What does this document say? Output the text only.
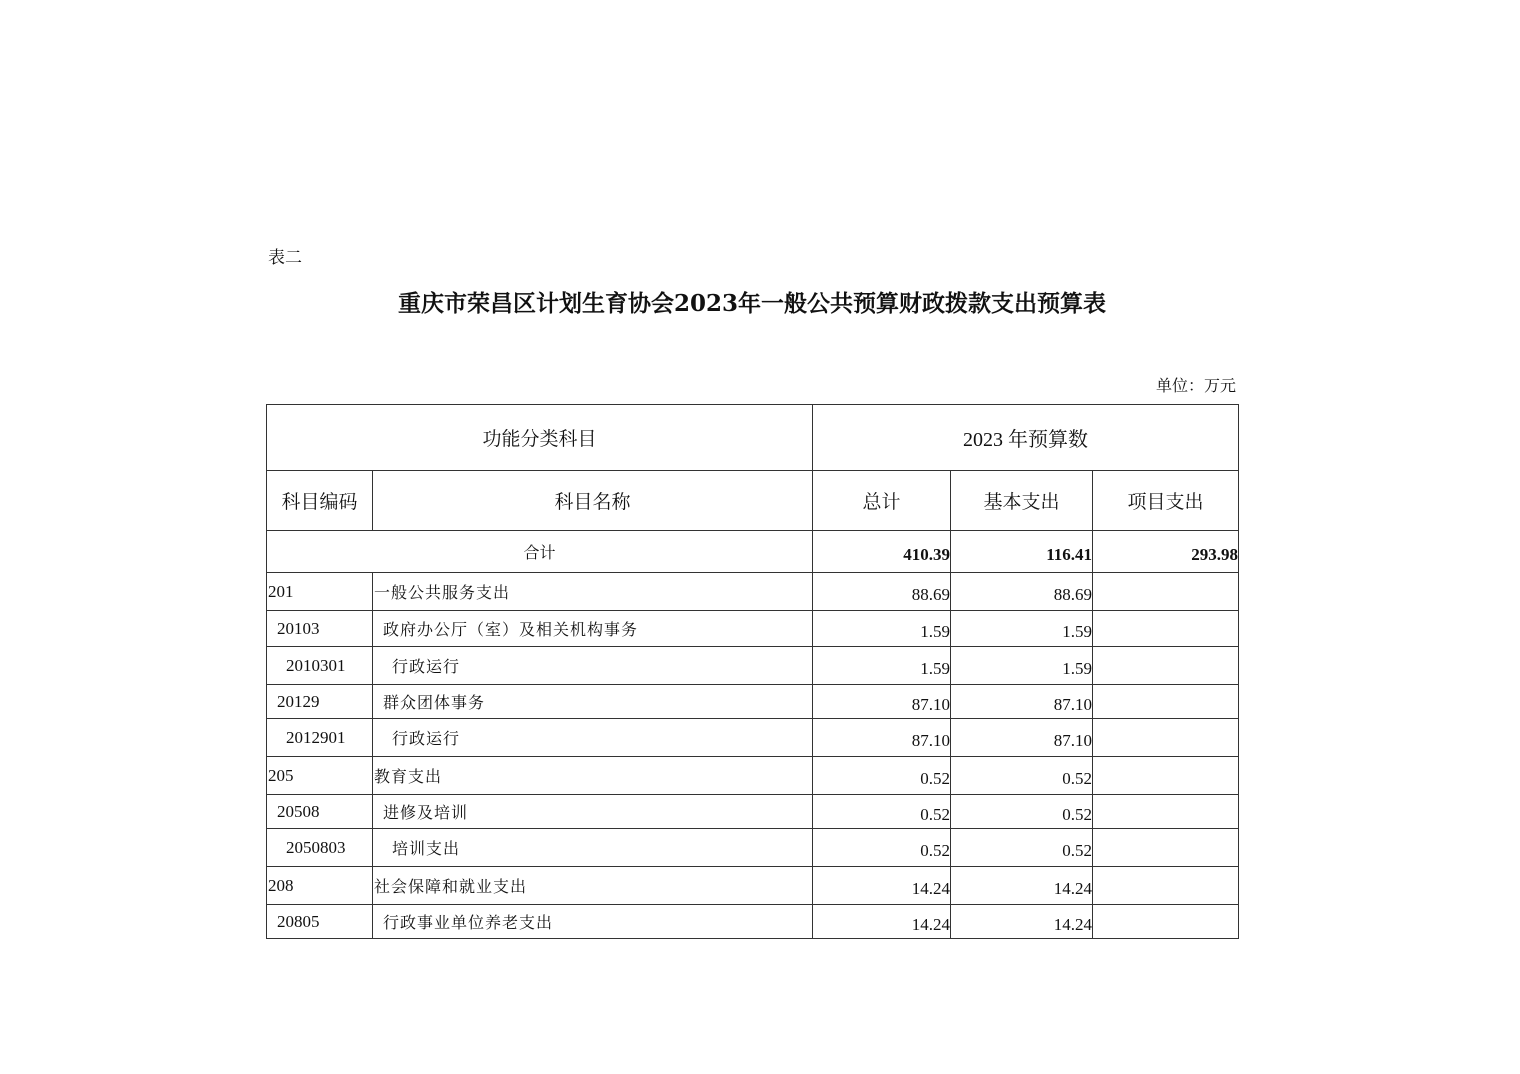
表二
重庆市荣昌区计划生育协会2023年一般公共预算财政拨款支出预算表
单位：万元
功能分类科目		2023 年预算数		
科目编码	科目名称	总计	基本支出	项目支出
合计		410.39	116.41	293.98
201	一般公共服务支出	88.69	88.69	
20103	政府办公厅（室）及相关机构事务	1.59	1.59	
2010301	行政运行	1.59	1.59	
20129	群众团体事务	87.10	87.10	
2012901	行政运行	87.10	87.10	
205	教育支出	0.52	0.52	
20508	进修及培训	0.52	0.52	
2050803	培训支出	0.52	0.52	
208	社会保障和就业支出	14.24	14.24	
20805	行政事业单位养老支出	14.24	14.24	
